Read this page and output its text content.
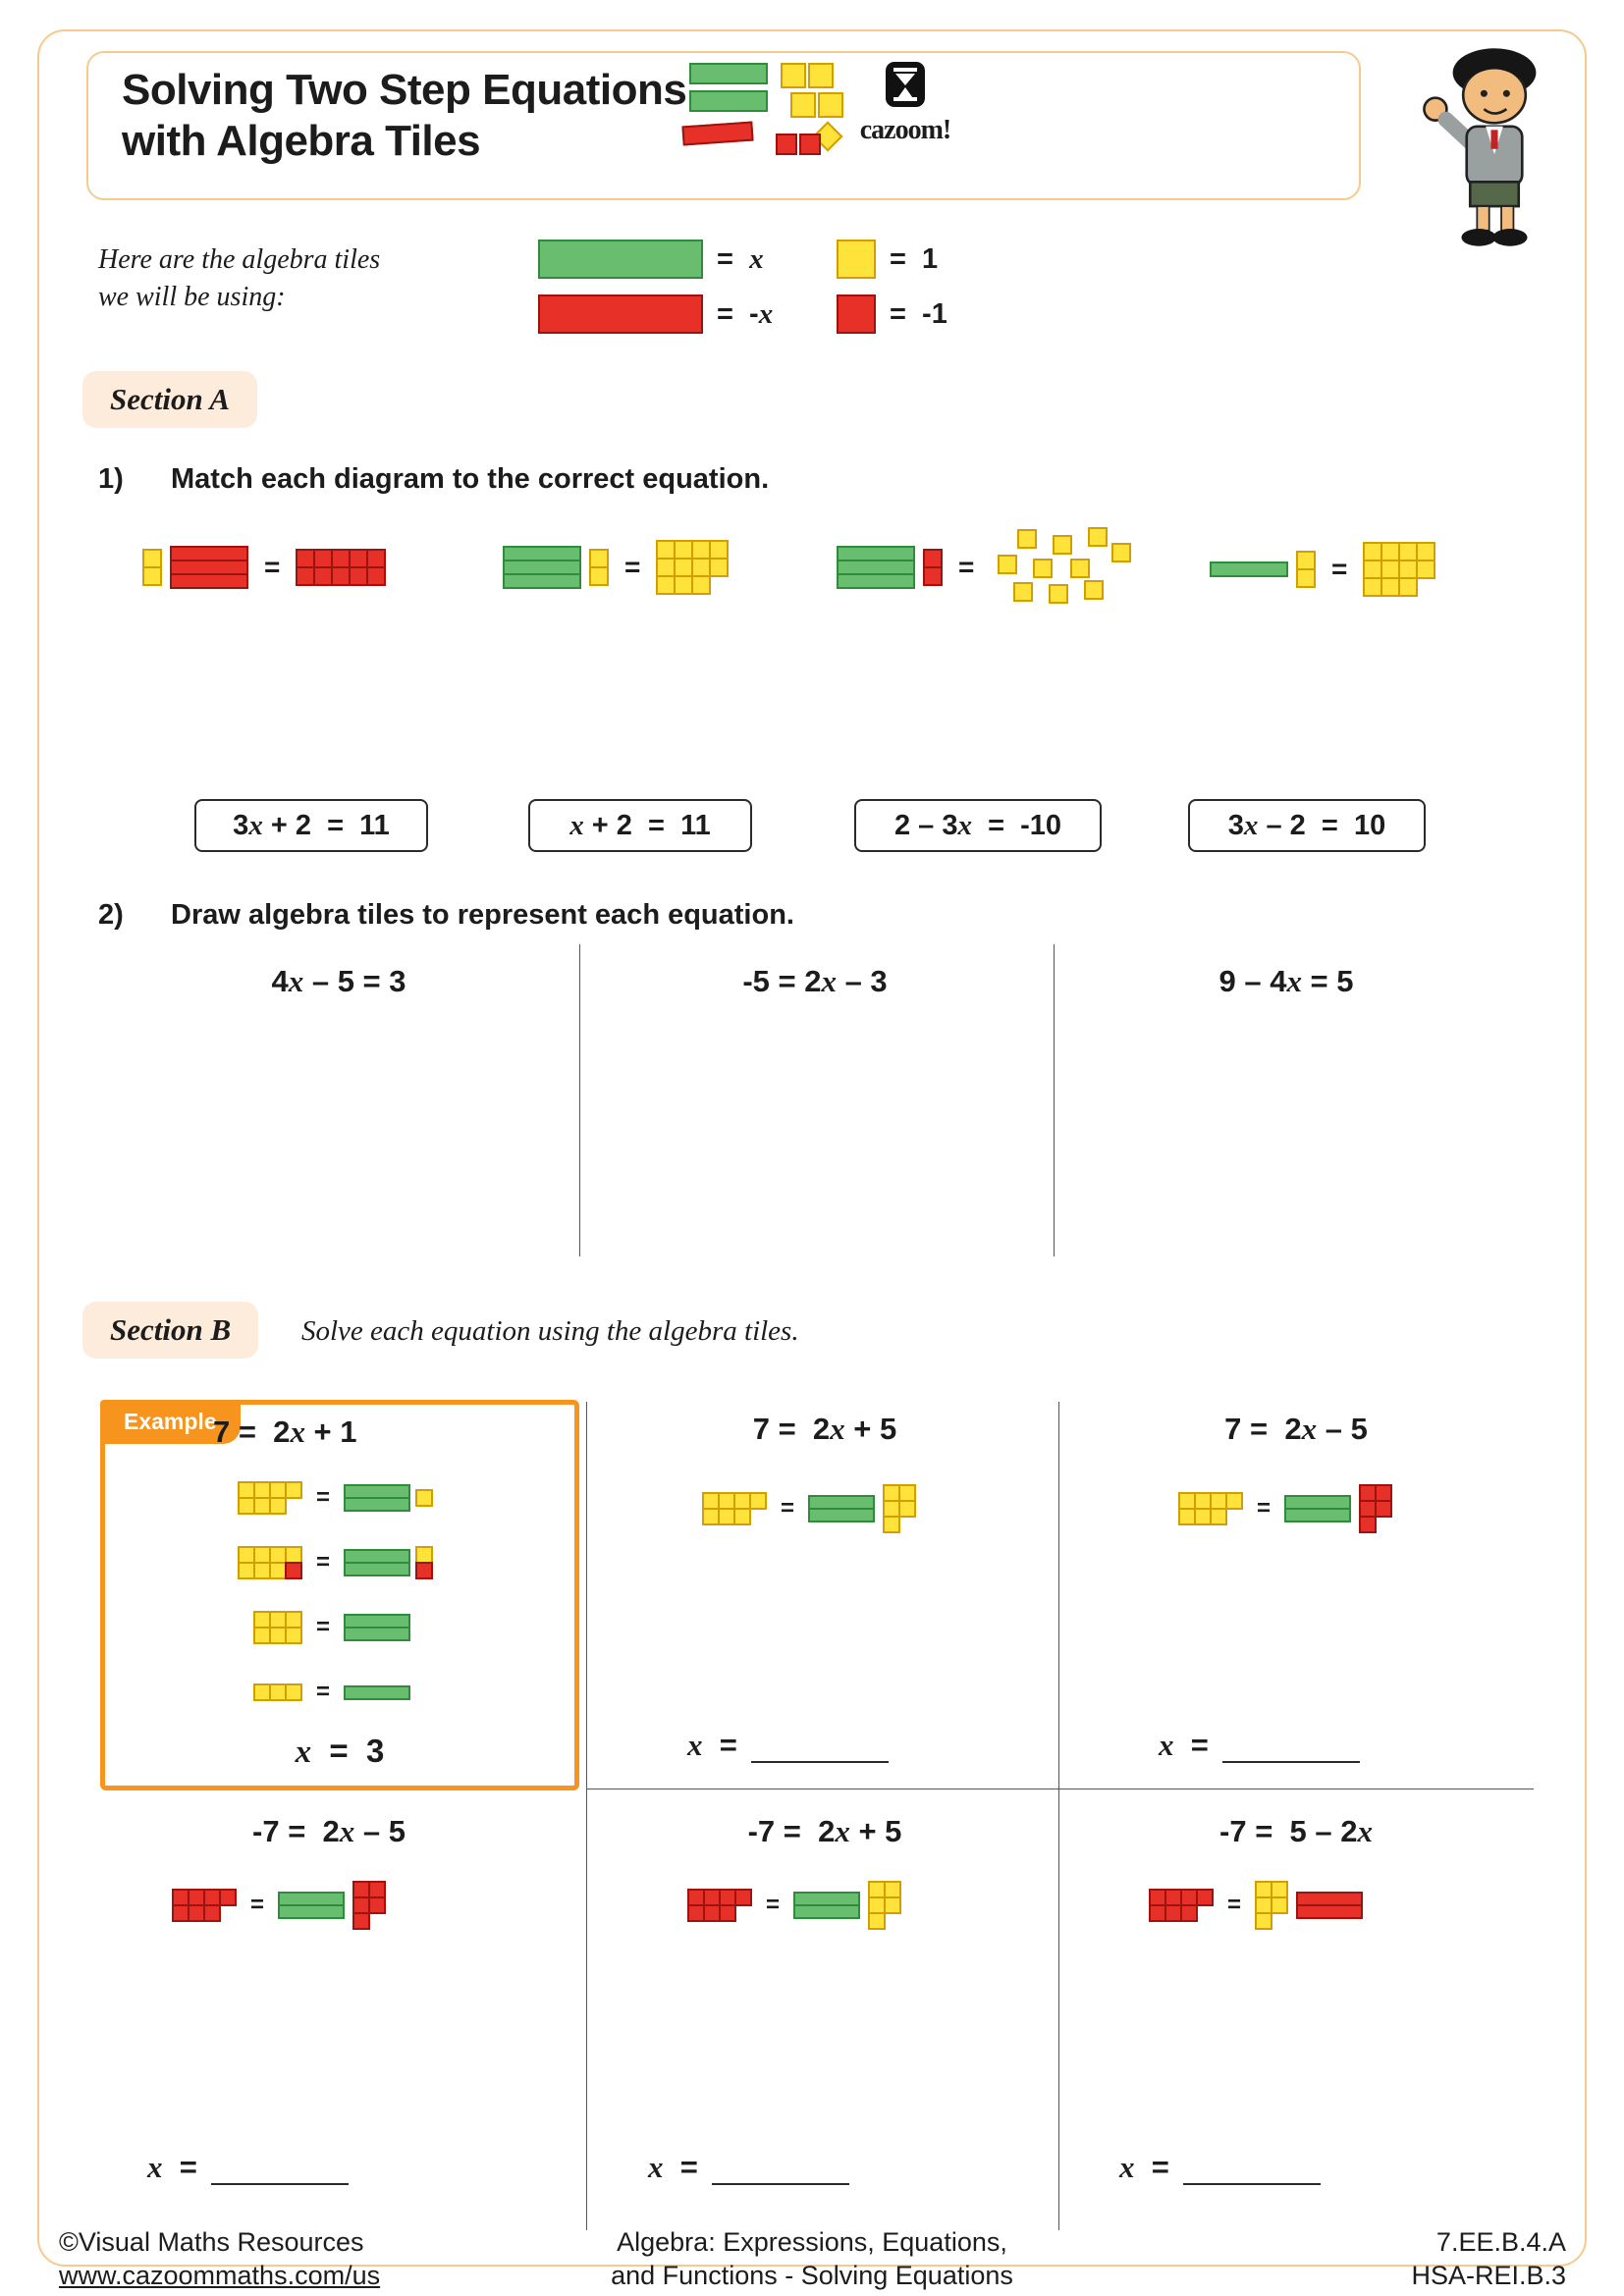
Solving Two Step Equations
with Algebra Tiles	cazoom!
Here are the algebra tiles
we will be using:
=  x	=  1
=  -x	=  -1
Section A
1) Match each diagram to the correct equation.
=	=	=	=
3x + 2  =  11	x + 2  =  11	2 – 3x  =  -10	3x – 2  =  10
2) Draw algebra tiles to represent each equation.
4x – 5 = 3	-5 = 2x – 3	9 – 4x = 5
Section B	Solve each equation using the algebra tiles.
Example
7 =  2x + 1
=
=
=
=
x  =  3
7 =  2x + 5
=
x  =
7 =  2x – 5
=
x  =
-7 =  2x – 5
=
x  =
-7 =  2x + 5
=
x  =
-7 =  5 – 2x
=
x  =
©Visual Maths Resources
www.cazoommaths.com/us
Algebra: Expressions, Equations,
and Functions - Solving Equations
7.EE.B.4.A
HSA-REI.B.3
